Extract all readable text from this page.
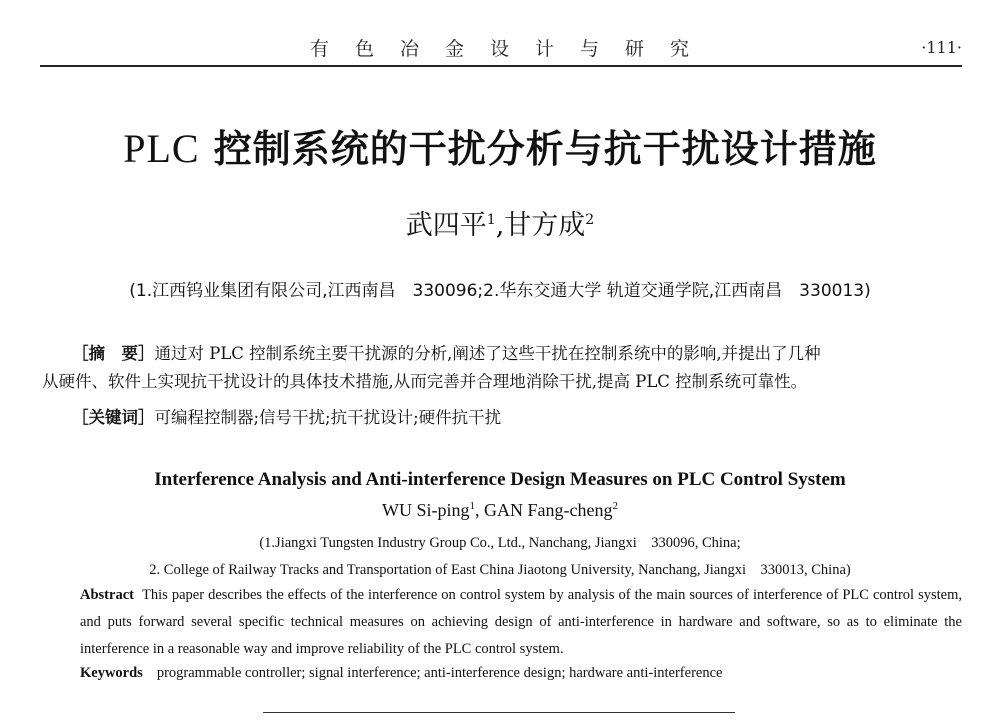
有色冶金设计与研究	·111·
PLC 控制系统的干扰分析与抗干扰设计措施
武四平$^1$,甘方成$^2$
(1.江西钨业集团有限公司,江西南昌　330096;2.华东交通大学 轨道交通学院,江西南昌　330013)
［摘　要］通过对 PLC 控制系统主要干扰源的分析,阐述了这些干扰在控制系统中的影响,并提出了几种
从硬件、软件上实现抗干扰设计的具体技术措施,从而完善并合理地消除干扰,提高 PLC 控制系统可靠性。
［关键词］可编程控制器;信号干扰;抗干扰设计;硬件抗干扰
Interference Analysis and Anti-interference Design Measures on PLC Control System
WU Si-ping$^1$, GAN Fang-cheng$^2$
(1.Jiangxi Tungsten Industry Group Co., Ltd., Nanchang, Jiangxi　330096, China;
2. College of Railway Tracks and Transportation of East China Jiaotong University, Nanchang, Jiangxi　330013, China)
Abstract This paper describes the effects of the interference on control system by analysis of the main sources of interference of PLC control system, and puts forward several specific technical measures on achieving design of anti-interference in hardware and software, so as to eliminate the interference in a reasonable way and improve reliability of the PLC control system.
Keywords programmable controller; signal interference; anti-interference design; hardware anti-interference
